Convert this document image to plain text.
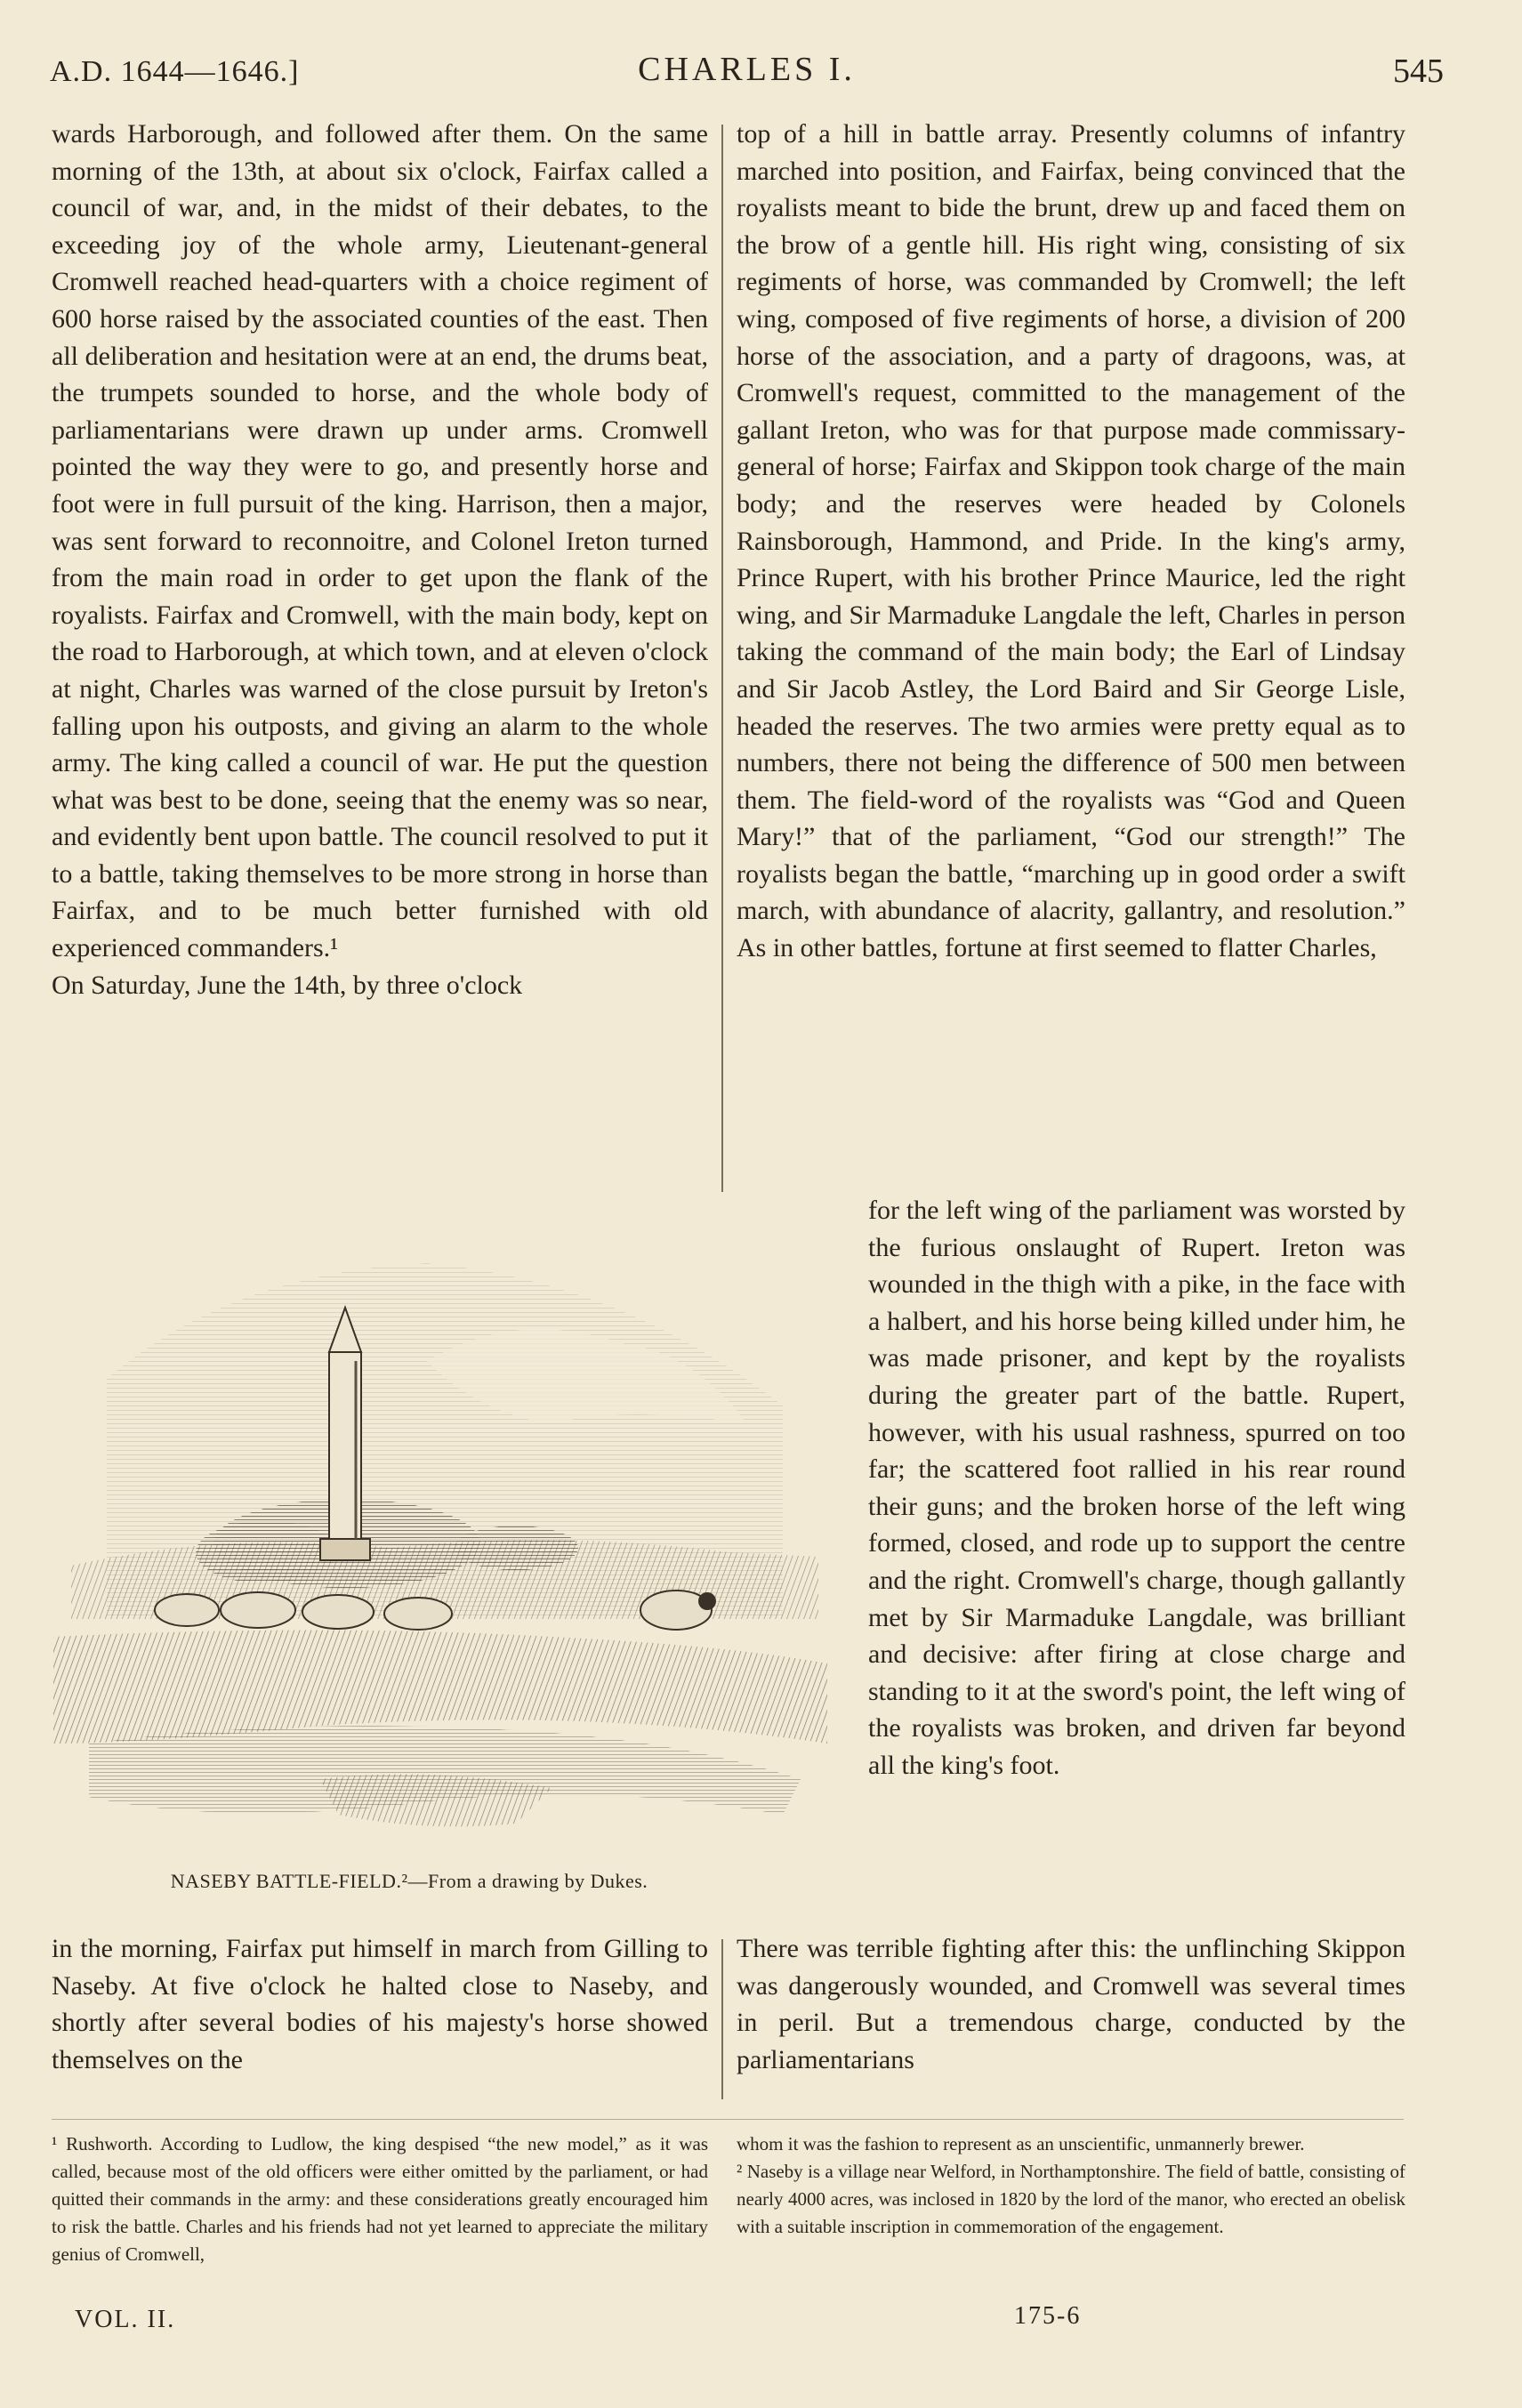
A.D. 1644—1646.]	CHARLES I.	545

wards Harborough, and followed after them. On the same morning of the 13th, at about six o'clock, Fairfax called a council of war, and, in the midst of their debates, to the exceeding joy of the whole army, Lieutenant-general Cromwell reached head-quarters with a choice regiment of 600 horse raised by the associated counties of the east. Then all deliberation and hesitation were at an end, the drums beat, the trumpets sounded to horse, and the whole body of parliamentarians were drawn up under arms. Cromwell pointed the way they were to go, and presently horse and foot were in full pursuit of the king. Harrison, then a major, was sent forward to reconnoitre, and Colonel Ireton turned from the main road in order to get upon the flank of the royalists. Fairfax and Cromwell, with the main body, kept on the road to Harborough, at which town, and at eleven o'clock at night, Charles was warned of the close pursuit by Ireton's falling upon his outposts, and giving an alarm to the whole army. The king called a council of war. He put the question what was best to be done, seeing that the enemy was so near, and evidently bent upon battle. The council resolved to put it to a battle, taking themselves to be more strong in horse than Fairfax, and to be much better furnished with old experienced commanders.¹

On Saturday, June the 14th, by three o'clock

top of a hill in battle array. Presently columns of infantry marched into position, and Fairfax, being convinced that the royalists meant to bide the brunt, drew up and faced them on the brow of a gentle hill. His right wing, consisting of six regiments of horse, was commanded by Cromwell; the left wing, composed of five regiments of horse, a division of 200 horse of the association, and a party of dragoons, was, at Cromwell's request, committed to the management of the gallant Ireton, who was for that purpose made commissary-general of horse; Fairfax and Skippon took charge of the main body; and the reserves were headed by Colonels Rainsborough, Hammond, and Pride. In the king's army, Prince Rupert, with his brother Prince Maurice, led the right wing, and Sir Marmaduke Langdale the left, Charles in person taking the command of the main body; the Earl of Lindsay and Sir Jacob Astley, the Lord Baird and Sir George Lisle, headed the reserves. The two armies were pretty equal as to numbers, there not being the difference of 500 men between them. The field-word of the royalists was “God and Queen Mary!” that of the parliament, “God our strength!” The royalists began the battle, “marching up in good order a swift march, with abundance of alacrity, gallantry, and resolution.” As in other battles, fortune at first seemed to flatter Charles,

for the left wing of the parliament was worsted by the furious onslaught of Rupert. Ireton was wounded in the thigh with a pike, in the face with a halbert, and his horse being killed under him, he was made prisoner, and kept by the royalists during the greater part of the battle. Rupert, however, with his usual rashness, spurred on too far; the scattered foot rallied in his rear round their guns; and the broken horse of the left wing formed, closed, and rode up to support the centre and the right. Cromwell's charge, though gallantly met by Sir Marmaduke Langdale, was brilliant and decisive: after firing at close charge and standing to it at the sword's point, the left wing of the royalists was broken, and driven far beyond all the king's foot.

NASEBY BATTLE-FIELD.²—From a drawing by Dukes.

in the morning, Fairfax put himself in march from Gilling to Naseby. At five o'clock he halted close to Naseby, and shortly after several bodies of his majesty's horse showed themselves on the

There was terrible fighting after this: the unflinching Skippon was dangerously wounded, and Cromwell was several times in peril. But a tremendous charge, conducted by the parliamentarians

¹ Rushworth. According to Ludlow, the king despised “the new model,” as it was called, because most of the old officers were either omitted by the parliament, or had quitted their commands in the army: and these considerations greatly encouraged him to risk the battle. Charles and his friends had not yet learned to appreciate the military genius of Cromwell,

whom it was the fashion to represent as an unscientific, unmannerly brewer.

² Naseby is a village near Welford, in Northamptonshire. The field of battle, consisting of nearly 4000 acres, was inclosed in 1820 by the lord of the manor, who erected an obelisk with a suitable inscription in commemoration of the engagement.

VOL. II.	175-6
